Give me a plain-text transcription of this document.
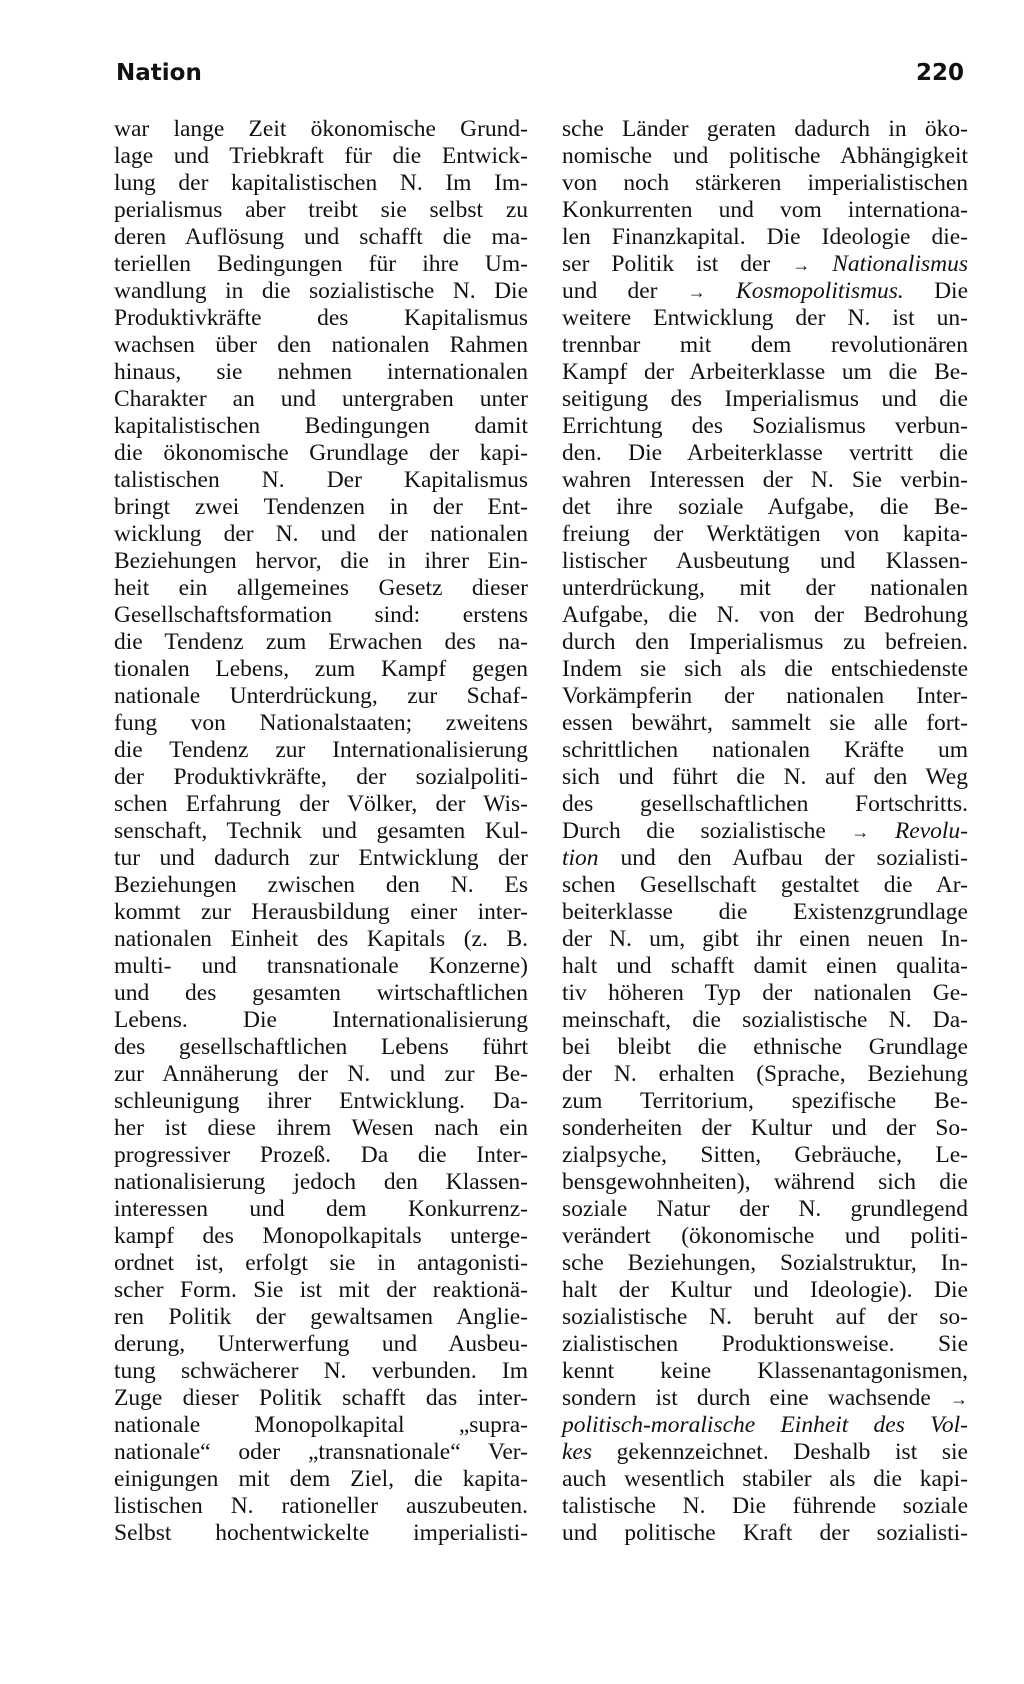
Nation	220
war lange Zeit ökonomische Grund-
lage und Triebkraft für die Entwick-
lung der kapitalistischen N. Im Im-
perialismus aber treibt sie selbst zu
deren Auflösung und schafft die ma-
teriellen Bedingungen für ihre Um-
wandlung in die sozialistische N. Die
Produktivkräfte des Kapitalismus
wachsen über den nationalen Rahmen
hinaus, sie nehmen internationalen
Charakter an und untergraben unter
kapitalistischen Bedingungen damit
die ökonomische Grundlage der kapi-
talistischen N. Der Kapitalismus
bringt zwei Tendenzen in der Ent-
wicklung der N. und der nationalen
Beziehungen hervor, die in ihrer Ein-
heit ein allgemeines Gesetz dieser
Gesellschaftsformation sind: erstens
die Tendenz zum Erwachen des na-
tionalen Lebens, zum Kampf gegen
nationale Unterdrückung, zur Schaf-
fung von Nationalstaaten; zweitens
die Tendenz zur Internationalisierung
der Produktivkräfte, der sozialpoliti-
schen Erfahrung der Völker, der Wis-
senschaft, Technik und gesamten Kul-
tur und dadurch zur Entwicklung der
Beziehungen zwischen den N. Es
kommt zur Herausbildung einer inter-
nationalen Einheit des Kapitals (z. B.
multi- und transnationale Konzerne)
und des gesamten wirtschaftlichen
Lebens. Die Internationalisierung
des gesellschaftlichen Lebens führt
zur Annäherung der N. und zur Be-
schleunigung ihrer Entwicklung. Da-
her ist diese ihrem Wesen nach ein
progressiver Prozeß. Da die Inter-
nationalisierung jedoch den Klassen-
interessen und dem Konkurrenz-
kampf des Monopolkapitals unterge-
ordnet ist, erfolgt sie in antagonisti-
scher Form. Sie ist mit der reaktionä-
ren Politik der gewaltsamen Anglie-
derung, Unterwerfung und Ausbeu-
tung schwächerer N. verbunden. Im
Zuge dieser Politik schafft das inter-
nationale Monopolkapital „supra-
nationale“ oder „transnationale“ Ver-
einigungen mit dem Ziel, die kapita-
listischen N. rationeller auszubeuten.
Selbst hochentwickelte imperialisti-
sche Länder geraten dadurch in öko-
nomische und politische Abhängigkeit
von noch stärkeren imperialistischen
Konkurrenten und vom internationa-
len Finanzkapital. Die Ideologie die-
ser Politik ist der → Nationalismus
und der → Kosmopolitismus. Die
weitere Entwicklung der N. ist un-
trennbar mit dem revolutionären
Kampf der Arbeiterklasse um die Be-
seitigung des Imperialismus und die
Errichtung des Sozialismus verbun-
den. Die Arbeiterklasse vertritt die
wahren Interessen der N. Sie verbin-
det ihre soziale Aufgabe, die Be-
freiung der Werktätigen von kapita-
listischer Ausbeutung und Klassen-
unterdrückung, mit der nationalen
Aufgabe, die N. von der Bedrohung
durch den Imperialismus zu befreien.
Indem sie sich als die entschiedenste
Vorkämpferin der nationalen Inter-
essen bewährt, sammelt sie alle fort-
schrittlichen nationalen Kräfte um
sich und führt die N. auf den Weg
des gesellschaftlichen Fortschritts.
Durch die sozialistische → Revolu-
tion und den Aufbau der sozialisti-
schen Gesellschaft gestaltet die Ar-
beiterklasse die Existenzgrundlage
der N. um, gibt ihr einen neuen In-
halt und schafft damit einen qualita-
tiv höheren Typ der nationalen Ge-
meinschaft, die sozialistische N. Da-
bei bleibt die ethnische Grundlage
der N. erhalten (Sprache, Beziehung
zum Territorium, spezifische Be-
sonderheiten der Kultur und der So-
zialpsyche, Sitten, Gebräuche, Le-
bensgewohnheiten), während sich die
soziale Natur der N. grundlegend
verändert (ökonomische und politi-
sche Beziehungen, Sozialstruktur, In-
halt der Kultur und Ideologie). Die
sozialistische N. beruht auf der so-
zialistischen Produktionsweise. Sie
kennt keine Klassenantagonismen,
sondern ist durch eine wachsende →
politisch-moralische Einheit des Vol-
kes gekennzeichnet. Deshalb ist sie
auch wesentlich stabiler als die kapi-
talistische N. Die führende soziale
und politische Kraft der sozialisti-
